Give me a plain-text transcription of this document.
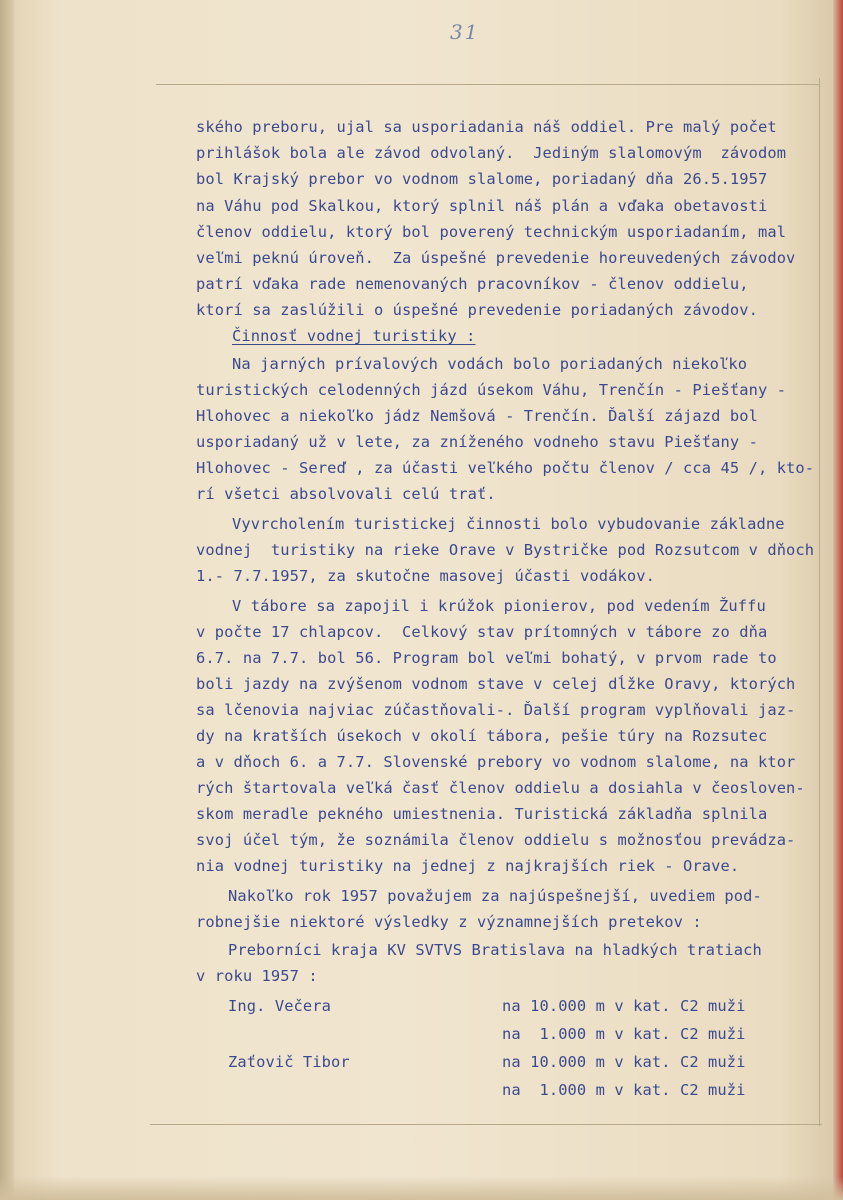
31

ského preboru, ujal sa usporiadania náš oddiel. Pre malý počet

prihlášok bola ale závod odvolaný.  Jediným slalomovým  závodom

bol Krajský prebor vo vodnom slalome, poriadaný dňa 26.5.1957

na Váhu pod Skalkou, ktorý splnil náš plán a vďaka obetavosti

členov oddielu, ktorý bol poverený technickým usporiadaním, mal

veľmi peknú úroveň.  Za úspešné prevedenie horeuvedených závodov

patrí vďaka rade nemenovaných pracovníkov - členov oddielu,

ktorí sa zaslúžili o úspešné prevedenie poriadaných závodov.

Činnosť vodnej turistiky :

Na jarných prívalových vodách bolo poriadaných niekoľko

turistických celodenných jázd úsekom Váhu, Trenčín - Piešťany -

Hlohovec a niekoľko jádz Nemšová - Trenčín. Ďalší zájazd bol

usporiadaný už v lete, za zníženého vodneho stavu Piešťany -

Hlohovec - Sereď , za účasti veľkého počtu členov / cca 45 /, kto-

rí všetci absolvovali celú trať.

Vyvrcholením turistickej činnosti bolo vybudovanie základne

vodnej  turistiky na rieke Orave v Bystričke pod Rozsutcom v dňoch

1.- 7.7.1957, za skutočne masovej účasti vodákov.

V tábore sa zapojil i krúžok pionierov, pod vedením Žuffu

v počte 17 chlapcov.  Celkový stav prítomných v tábore zo dňa

6.7. na 7.7. bol 56. Program bol veľmi bohatý, v prvom rade to

boli jazdy na zvýšenom vodnom stave v celej dĺžke Oravy, ktorých

sa lčenovia najviac zúčastňovali-. Ďalší program vyplňovali jaz-

dy na kratších úsekoch v okolí tábora, pešie túry na Rozsutec

a v dňoch 6. a 7.7. Slovenské prebory vo vodnom slalome, na ktor

rých štartovala veľká časť členov oddielu a dosiahla v čeosloven-

skom meradle pekného umiestnenia. Turistická základňa splnila

svoj účel tým, že soznámila členov oddielu s možnosťou prevádza-

nia vodnej turistiky na jednej z najkrajších riek - Orave.

Nakoľko rok 1957 považujem za najúspešnejší, uvediem pod-

robnejšie niektoré výsledky z významnejších pretekov :

Preborníci kraja KV SVTVS Bratislava na hladkých tratiach

v roku 1957 :

Ing. Večera	na 10.000 m v kat. C2 muži

na  1.000 m v kat. C2 muži

Zaťovič Tibor	na 10.000 m v kat. C2 muži

na  1.000 m v kat. C2 muži
